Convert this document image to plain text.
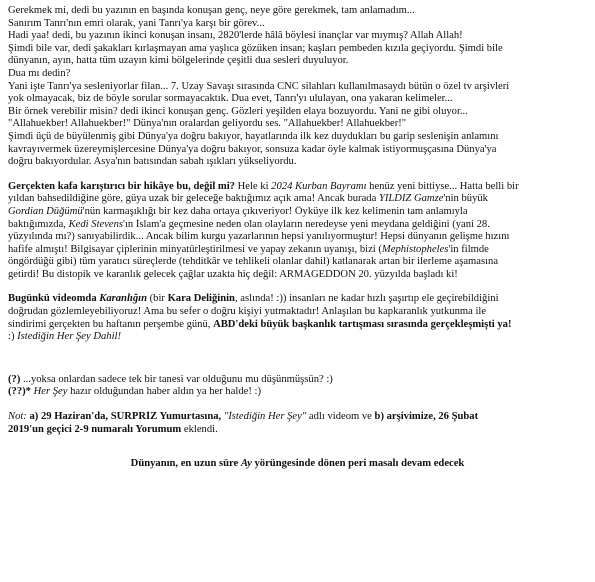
Gerekmek mi, dedi bu yazının en başında konuşan genç, neye göre gerekmek, tam anlamadım...
Sanırım Tanrı'nın emri olarak, yani Tanrı'ya karşı bir görev...
Hadi yaa! dedi, bu yazının ikinci konuşan insanı, 2820'lerde hâlâ böylesi inançlar var mıymış? Allah Allah!
Şimdi bile var, dedi şakakları kırlaşmayan ama yaşlıca gözüken insan; kaşları pembeden kızıla geçiyordu. Şimdi bile
dünyanın, ayın, hatta tüm uzayın kimi bölgelerinde çeşitli dua sesleri duyuluyor.
Dua mı dedin?
Yani işte Tanrı'ya sesleniyorlar filan... 7. Uzay Savaşı sırasında CNC silahları kullanılmasaydı bütün o özel tv arşivleri
yok olmayacak, biz de böyle sorular sormayacaktık. Dua evet, Tanrı'yı ululayan, ona yakaran kelimeler...
Bir örnek verebilir misin? dedi ikinci konuşan genç. Gözleri yeşilden elaya bozuyordu. Yani ne gibi oluyor...
"Allahuekber! Allahuekber!" Dünya'nın oralardan geliyordu ses. "Allahuekber! Allahuekber!"
Şimdi üçü de büyülenmiş gibi Dünya'ya doğru bakıyor, hayatlarında ilk kez duydukları bu garip seslenişin anlamını
kavrayıvermek üzereymişlercesine Dünya'ya doğru bakıyor, sonsuza kadar öyle kalmak istiyormuşçasına Dünya'ya
doğru bakıyordular. Asya'nın batısından sabah ışıkları yükseliyordu.
Gerçekten kafa karıştırıcı bir hikâye bu, değil mi? Hele ki 2024 Kurban Bayramı henüz yeni bittiyse... Hatta belli bir
yıldan bahsedildiğine göre, güya uzak bir geleceğe baktığımız açık ama! Ancak burada YILDIZ Gamze'nin büyük
Gordian Düğümü'nün karmaşıklığı bir kez daha ortaya çıkıveriyor! Öyküye ilk kez kelimenin tam anlamıyla
baktığımızda, Kedi Stevens'ın İslam'a geçmesine neden olan olayların neredeyse yeni meydana geldiğini (yani 28.
yüzyılında mı?) sanıyabilirdik... Ancak bilim kurgu yazarlarının hepsi yanılıyormuştur! Hepsi dünyanın gelişme hızını
hafife almıştı! Bilgisayar çiplerinin minyatürleştirilmesi ve yapay zekanın uyanışı, bizi (Mephistopheles'in filmde
öngördüğü gibi) tüm yaratıcı süreçlerde (tehditkâr ve tehlikeli olanlar dahil) katlanarak artan bir ilerleme aşamasına
getirdi! Bu distopik ve karanlık gelecek çağlar uzakta hiç değil: ARMAGEDDON 20. yüzyılda başladı ki!
Bugünkü videomda Karanlığın (bir Kara Deliğinin, aslında! :)) insanları ne kadar hızlı şaşırtıp ele geçirebildiğini
doğrudan gözlemleyebiliyoruz! Ama bu sefer o doğru kişiyi yutmaktadır! Anlaşılan bu kapkaranlık yutkunma ile
sindirimi gerçekten bu haftanın perşembe günü, ABD'deki büyük başkanlık tartışması sırasında gerçekleşmişti ya!
:) İstediğin Her Şey Dahil!
(?) ...yoksa onlardan sadece tek bir tanesi var olduğunu mu düşünmüşsün? :)
(??)* Her Şey hazır olduğundan haber aldın ya her halde! :)
Not: a) 29 Haziran'da, SÜRPRİZ Yumurtasına, "İstediğin Her Şey" adlı videom ve b) arşivimize, 26 Şubat
2019'un geçici 2-9 numaralı Yorumum eklendi.
Dünyanın, en uzun süre Ay yörüngesinde dönen peri masalı devam edecek
